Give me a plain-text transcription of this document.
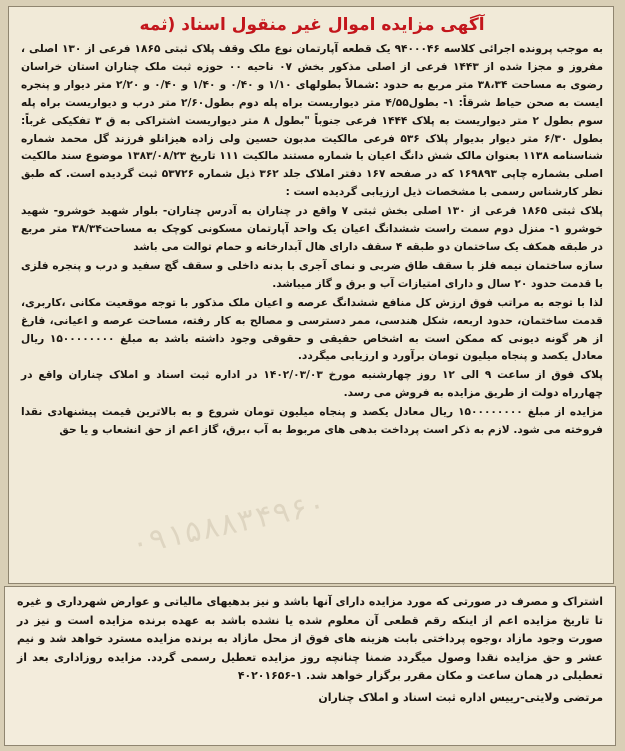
آگهی مزایده اموال غیر منقول اسناد (ثمه

به موجب پرونده اجرائی کلاسه ۹۴۰۰۰۴۶ یک قطعه آپارتمان نوع ملک وقف پلاک ثبتی ۱۸۶۵ فرعی از ۱۳۰ اصلی ، مفروز و مجزا شده از ۱۴۴۳ فرعی از اصلی مذکور بخش ۰۷ ناحیه ۰۰ حوزه ثبت ملک چناران استان خراسان رضوی به مساحت ۳۸،۳۴ متر مربع به حدود :شمالاً بطولهای ۱/۱۰ و ۰/۴۰ و ۱/۴۰ و ۰/۴۰ و ۲/۲۰ متر دیوار و پنجره ایست به صحن حیاط شرقاً: ۱- بطول۴/۵۵ متر دیواریست براه پله دوم بطول۲/۶۰ متر درب و دیواریست براه پله سوم بطول ۲ متر دیواریست به پلاک ۱۴۴۴ فرعی جنوباً "بطول ۸ متر دیواریست اشتراکی به ق ۳ تفکیکی غرباً: بطول ۶/۳۰ متر دیوار بدیوار پلاک ۵۳۶ فرعی مالکیت مدبون حسین ولی زاده هیزانلو فرزند گل محمد شماره شناسنامه ۱۱۳۸ بعنوان مالک شش دانگ اعیان با شماره مستند مالکیت ۱۱۱ تاریخ ۱۳۸۳/۰۸/۲۳ موضوع سند مالکیت اصلی بشماره چاپی ۱۶۹۸۹۳ که در صفحه ۱۶۷ دفتر املاک جلد ۳۶۲ ذیل شماره ۵۳۷۲۶ ثبت گردیده است. که طبق نظر کارشناس رسمی با مشخصات ذیل ارزیابی گردیده است :

پلاک ثبتی ۱۸۶۵ فرعی از ۱۳۰ اصلی بخش ثبتی ۷ واقع در چناران به آدرس چناران- بلوار شهید خوشرو- شهید خوشرو ۱- منزل دوم سمت راست ششدانگ اعیان یک واحد آپارتمان مسکونی کوچک به مساحت۳۸/۳۴ متر مربع در طبقه همکف یک ساختمان دو طبقه ۴ سقف دارای هال آبدارخانه و حمام توالت می باشد

سازه ساختمان نیمه فلز با سقف طاق ضربی و نمای آجری با بدنه داخلی و سقف گچ سفید و درب و پنجره فلزی با قدمت حدود ۲۰ سال و دارای امتیازات آب و برق و گاز میباشد.

لذا با توجه به مراتب فوق ارزش کل منافع ششدانگ عرصه و اعیان ملک مذکور با توجه موقعیت مکانی ،کاربری، قدمت ساختمان، حدود اربعه، شکل هندسی، ممر دسترسی و مصالح به کار رفته، مساحت عرصه و اعیانی، فارغ از هر گونه دیونی که ممکن است به اشخاص حقیقی و حقوقی وجود داشته باشد به مبلغ ۱۵۰۰۰۰۰۰۰۰ ریال معادل یکصد و پنجاه میلیون تومان برآورد و ارزیابی میگردد.

پلاک فوق از ساعت ۹ الی ۱۲ روز چهارشنبه مورخ ۱۴۰۲/۰۳/۰۳ در اداره ثبت اسناد و املاک چناران واقع در چهارراه دولت از طریق مزایده به فروش می رسد.

مزایده از مبلغ ۱۵۰۰۰۰۰۰۰۰ ریال معادل یکصد و پنجاه میلیون تومان شروع و به بالاترین قیمت پیشنهادی نقدا فروخته می شود. لازم به ذکر است پرداخت بدهی های مربوط به آب ،برق، گاز اعم از حق انشعاب و یا حق

۰۹۱۵۸۸۳۴۹۶۰

اشتراک و مصرف در صورتی که مورد مزایده دارای آنها باشد و نیز بدهیهای مالیاتی و عوارض شهرداری و غیره تا تاریخ مزایده اعم از اینکه رقم قطعی آن معلوم شده یا نشده باشد به عهده برنده مزایده است و نیز در صورت وجود مازاد ،وجوه پرداختی بابت هزینه های فوق از محل مازاد به برنده مزایده مسترد خواهد شد و نیم عشر و حق مزایده نقدا وصول میگردد ضمنا چنانچه روز مزایده تعطیل رسمی گردد. مزایده روزاداری بعد از تعطیلی در همان ساعت و مکان مقرر برگزار خواهد شد. ۱-۴۰۲۰۱۶۵۶

مرتضی ولایتی-رییس اداره ثبت اسناد و املاک چناران
